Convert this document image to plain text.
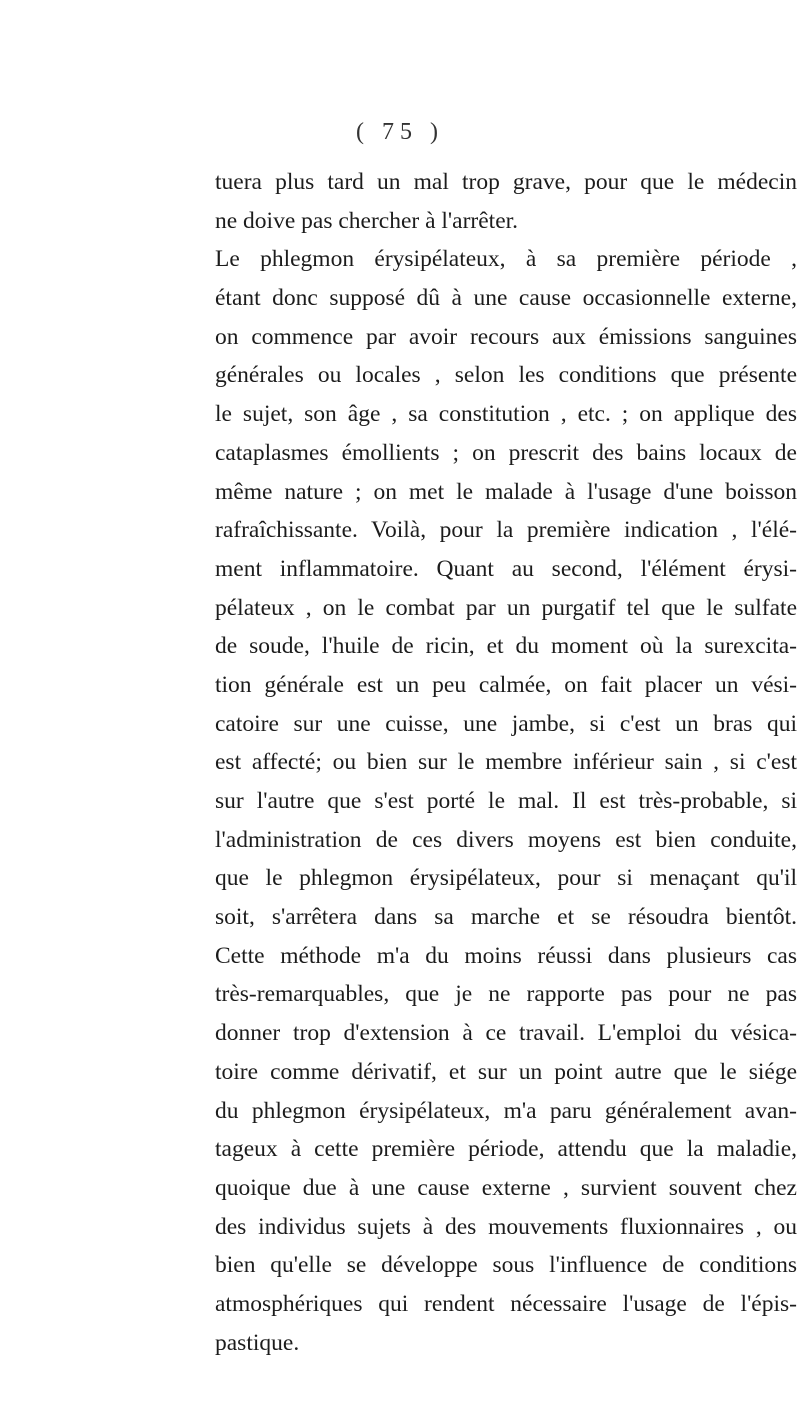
( 75 )
tuera plus tard un mal trop grave, pour que le médecin
ne doive pas chercher à l'arrêter.
Le phlegmon érysipélateux, à sa première période ,
étant donc supposé dû à une cause occasionnelle externe,
on commence par avoir recours aux émissions sanguines
générales ou locales , selon les conditions que présente
le sujet, son âge , sa constitution , etc. ; on applique des
cataplasmes émollients ; on prescrit des bains locaux de
même nature ; on met le malade à l'usage d'une boisson
rafraîchissante. Voilà, pour la première indication , l'élé-
ment inflammatoire. Quant au second, l'élément érysi-
pélateux , on le combat par un purgatif tel que le sulfate
de soude, l'huile de ricin, et du moment où la surexcita-
tion générale est un peu calmée, on fait placer un vési-
catoire sur une cuisse, une jambe, si c'est un bras qui
est affecté; ou bien sur le membre inférieur sain , si c'est
sur l'autre que s'est porté le mal. Il est très-probable, si
l'administration de ces divers moyens est bien conduite,
que le phlegmon érysipélateux, pour si menaçant qu'il
soit, s'arrêtera dans sa marche et se résoudra bientôt.
Cette méthode m'a du moins réussi dans plusieurs cas
très-remarquables, que je ne rapporte pas pour ne pas
donner trop d'extension à ce travail. L'emploi du vésica-
toire comme dérivatif, et sur un point autre que le siége
du phlegmon érysipélateux, m'a paru généralement avan-
tageux à cette première période, attendu que la maladie,
quoique due à une cause externe , survient souvent chez
des individus sujets à des mouvements fluxionnaires , ou
bien qu'elle se développe sous l'influence de conditions
atmosphériques qui rendent nécessaire l'usage de l'épis-
pastique.
